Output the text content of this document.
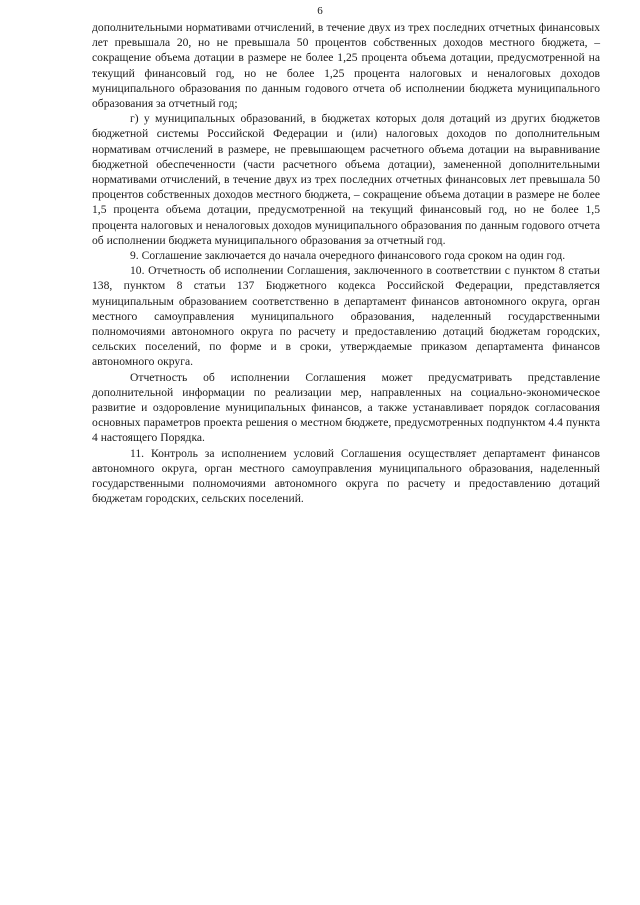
6

дополнительными нормативами отчислений, в течение двух из трех последних отчетных финансовых лет превышала 20, но не превышала 50 процентов собственных доходов местного бюджета, – сокращение объема дотации в размере не более 1,25 процента объема дотации, предусмотренной на текущий финансовый год, но не более 1,25 процента налоговых и неналоговых доходов муниципального образования по данным годового отчета об исполнении бюджета муниципального образования за отчетный год;

г) у муниципальных образований, в бюджетах которых доля дотаций из других бюджетов бюджетной системы Российской Федерации и (или) налоговых доходов по дополнительным нормативам отчислений в размере, не превышающем расчетного объема дотации на выравнивание бюджетной обеспеченности (части расчетного объема дотации), замененной дополнительными нормативами отчислений, в течение двух из трех последних отчетных финансовых лет превышала 50 процентов собственных доходов местного бюджета, – сокращение объема дотации в размере не более 1,5 процента объема дотации, предусмотренной на текущий финансовый год, но не более 1,5 процента налоговых и неналоговых доходов муниципального образования по данным годового отчета об исполнении бюджета муниципального образования за отчетный год.

9. Соглашение заключается до начала очередного финансового года сроком на один год.

10. Отчетность об исполнении Соглашения, заключенного в соответствии с пунктом 8 статьи 138, пунктом 8 статьи 137 Бюджетного кодекса Российской Федерации, представляется муниципальным образованием соответственно в департамент финансов автономного округа, орган местного самоуправления муниципального образования, наделенный государственными полномочиями автономного округа по расчету и предоставлению дотаций бюджетам городских, сельских поселений, по форме и в сроки, утверждаемые приказом департамента финансов автономного округа.

Отчетность об исполнении Соглашения может предусматривать представление дополнительной информации по реализации мер, направленных на социально-экономическое развитие и оздоровление муниципальных финансов, а также устанавливает порядок согласования основных параметров проекта решения о местном бюджете, предусмотренных подпунктом 4.4 пункта 4 настоящего Порядка.

11. Контроль за исполнением условий Соглашения осуществляет департамент финансов автономного округа, орган местного самоуправления муниципального образования, наделенный государственными полномочиями автономного округа по расчету и предоставлению дотаций бюджетам городских, сельских поселений.
